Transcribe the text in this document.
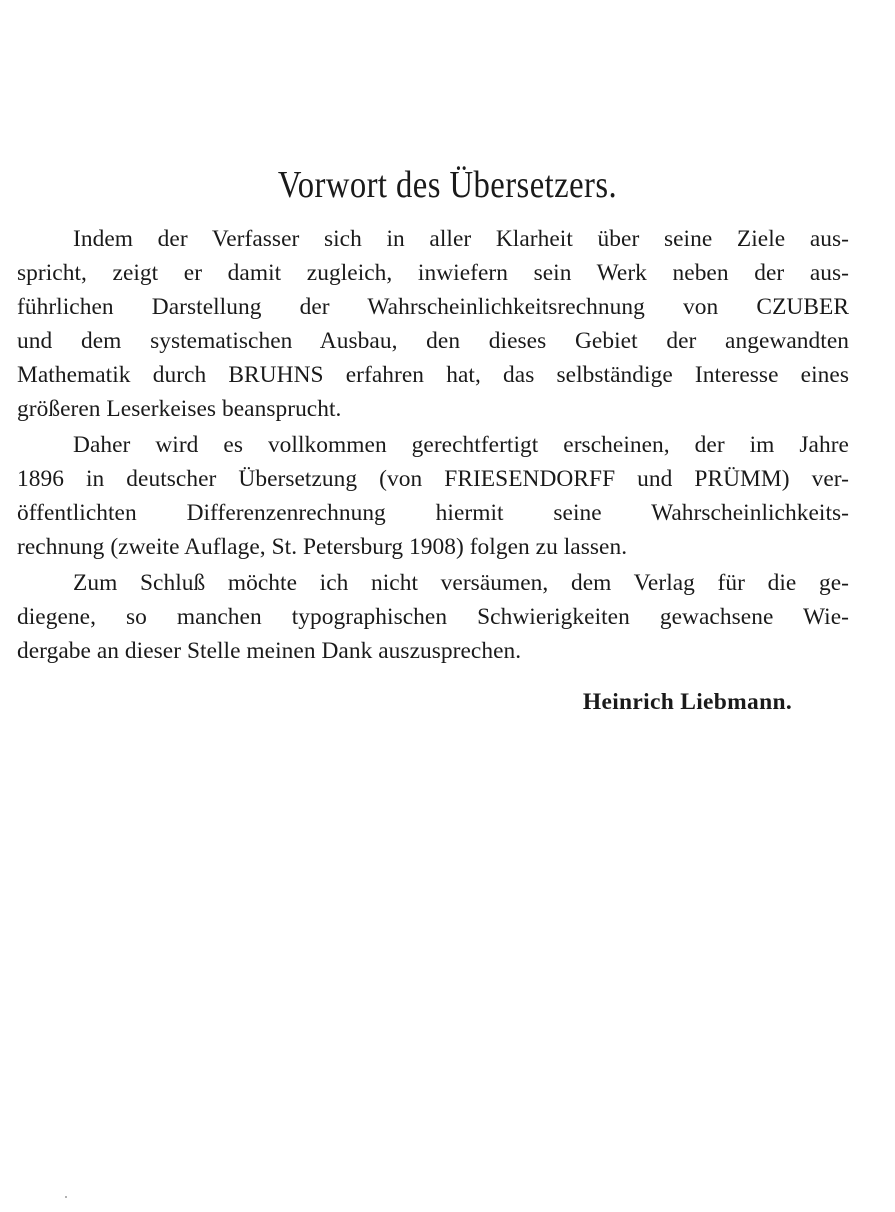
Vorwort des Übersetzers.
Indem der Verfasser sich in aller Klarheit über seine Ziele aus-
spricht, zeigt er damit zugleich, inwiefern sein Werk neben der aus-
führlichen Darstellung der Wahrscheinlichkeitsrechnung von CZUBER
und dem systematischen Ausbau, den dieses Gebiet der angewandten
Mathematik durch BRUHNS erfahren hat, das selbständige Interesse eines
größeren Leserkeises beansprucht.
Daher wird es vollkommen gerechtfertigt erscheinen, der im Jahre
1896 in deutscher Übersetzung (von FRIESENDORFF und PRÜMM) ver-
öffentlichten Differenzenrechnung hiermit seine Wahrscheinlichkeits-
rechnung (zweite Auflage, St. Petersburg 1908) folgen zu lassen.
Zum Schluß möchte ich nicht versäumen, dem Verlag für die ge-
diegene, so manchen typographischen Schwierigkeiten gewachsene Wie-
dergabe an dieser Stelle meinen Dank auszusprechen.
Heinrich Liebmann.
